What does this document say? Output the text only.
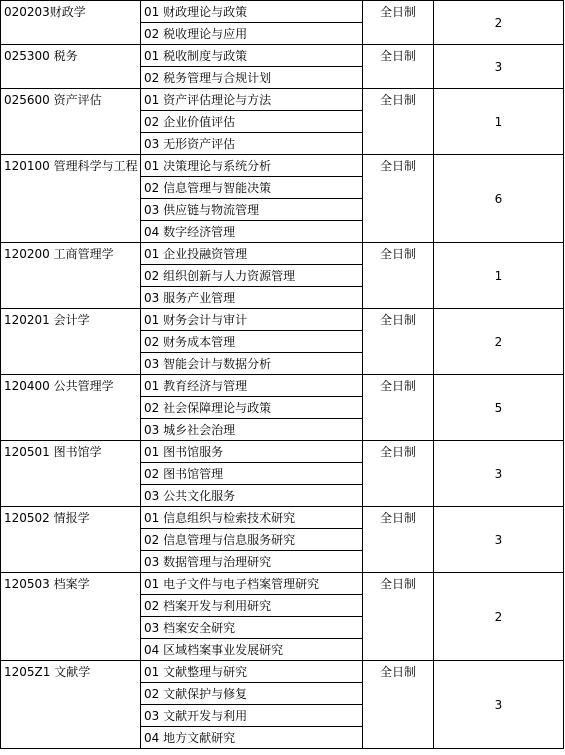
020203财政学	01 财政理论与政策	全日制	2
	02 税收理论与应用		
025300 税务	01 税收制度与政策	全日制	3
	02 税务管理与合规计划		
025600 资产评估	01 资产评估理论与方法	全日制	1
	02 企业价值评估		
	03 无形资产评估		
120100 管理科学与工程	01 决策理论与系统分析	全日制	6
	02 信息管理与智能决策		
	03 供应链与物流管理		
	04 数字经济管理		
120200 工商管理学	01 企业投融资管理	全日制	1
	02 组织创新与人力资源管理		
	03 服务产业管理		
120201 会计学	01 财务会计与审计	全日制	2
	02 财务成本管理		
	03 智能会计与数据分析		
120400 公共管理学	01 教育经济与管理	全日制	5
	02 社会保障理论与政策		
	03 城乡社会治理		
120501 图书馆学	01 图书馆服务	全日制	3
	02 图书馆管理		
	03 公共文化服务		
120502 情报学	01 信息组织与检索技术研究	全日制	3
	02 信息管理与信息服务研究		
	03 数据管理与治理研究		
120503 档案学	01 电子文件与电子档案管理研究	全日制	2
	02 档案开发与利用研究		
	03 档案安全研究		
	04 区域档案事业发展研究		
1205Z1 文献学	01 文献整理与研究	全日制	3
	02 文献保护与修复		
	03 文献开发与利用		
	04 地方文献研究		
